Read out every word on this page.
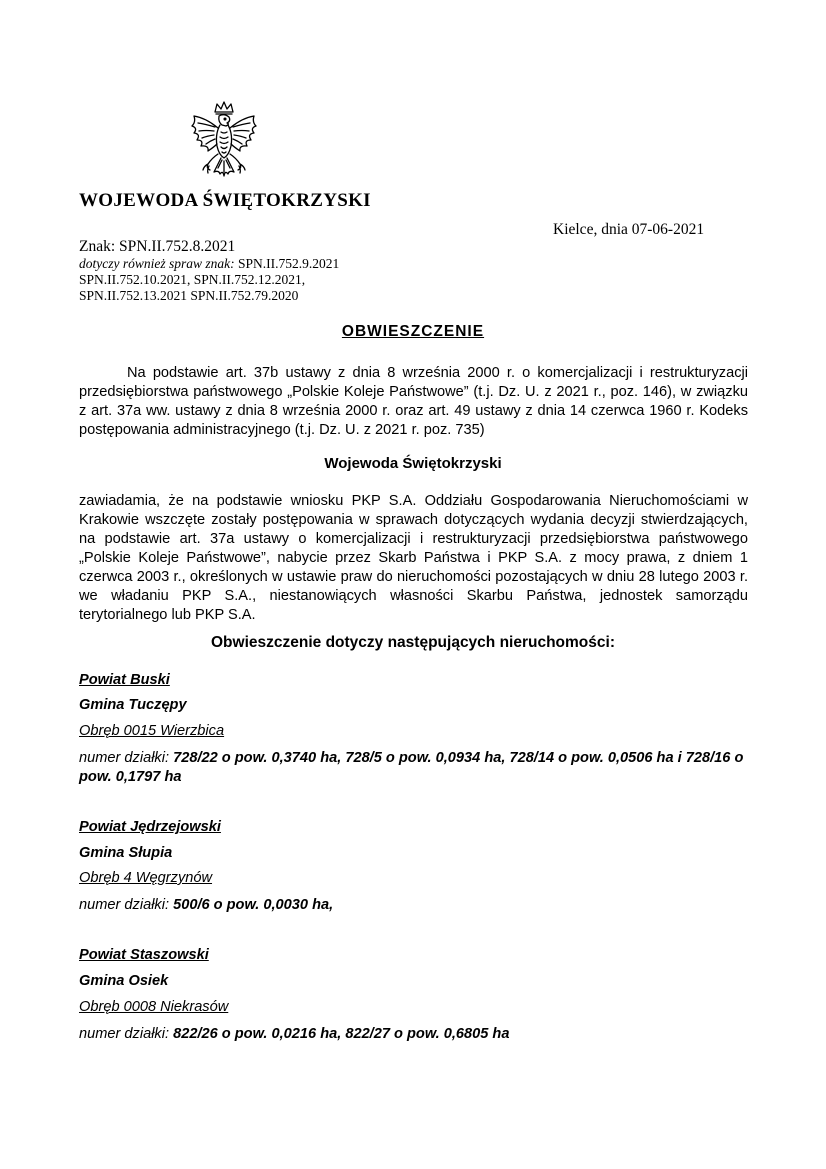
WOJEWODA ŚWIĘTOKRZYSKI
Kielce, dnia 07-06-2021
Znak: SPN.II.752.8.2021
dotyczy również spraw znak: SPN.II.752.9.2021
SPN.II.752.10.2021, SPN.II.752.12.2021,
SPN.II.752.13.2021 SPN.II.752.79.2020
OBWIESZCZENIE
Na podstawie art. 37b ustawy z dnia 8 września 2000 r. o komercjalizacji i restrukturyzacji przedsiębiorstwa państwowego „Polskie Koleje Państwowe” (t.j. Dz. U. z 2021 r., poz. 146), w związku z art. 37a ww. ustawy z dnia 8 września 2000 r. oraz art. 49 ustawy z dnia 14 czerwca 1960 r. Kodeks postępowania administracyjnego (t.j. Dz. U. z 2021 r. poz. 735)
Wojewoda Świętokrzyski
zawiadamia, że na podstawie wniosku PKP S.A. Oddziału Gospodarowania Nieruchomościami w Krakowie wszczęte zostały postępowania w sprawach dotyczących wydania decyzji stwierdzających, na podstawie art. 37a ustawy o komercjalizacji i restrukturyzacji przedsiębiorstwa państwowego „Polskie Koleje Państwowe”, nabycie przez Skarb Państwa i PKP S.A. z mocy prawa, z dniem 1 czerwca 2003 r., określonych w ustawie praw do nieruchomości pozostających w dniu 28 lutego 2003 r. we władaniu PKP S.A., niestanowiących własności Skarbu Państwa, jednostek samorządu terytorialnego lub PKP S.A.
Obwieszczenie dotyczy następujących nieruchomości:
Powiat Buski
Gmina Tuczępy
Obręb 0015 Wierzbica
numer działki: 728/22 o pow. 0,3740 ha, 728/5 o pow. 0,0934 ha, 728/14 o pow. 0,0506 ha i 728/16 o pow. 0,1797 ha
Powiat Jędrzejowski
Gmina Słupia
Obręb 4 Węgrzynów
numer działki: 500/6 o pow. 0,0030 ha,
Powiat Staszowski
Gmina Osiek
Obręb 0008 Niekrasów
numer działki: 822/26 o pow. 0,0216 ha, 822/27 o pow. 0,6805 ha
